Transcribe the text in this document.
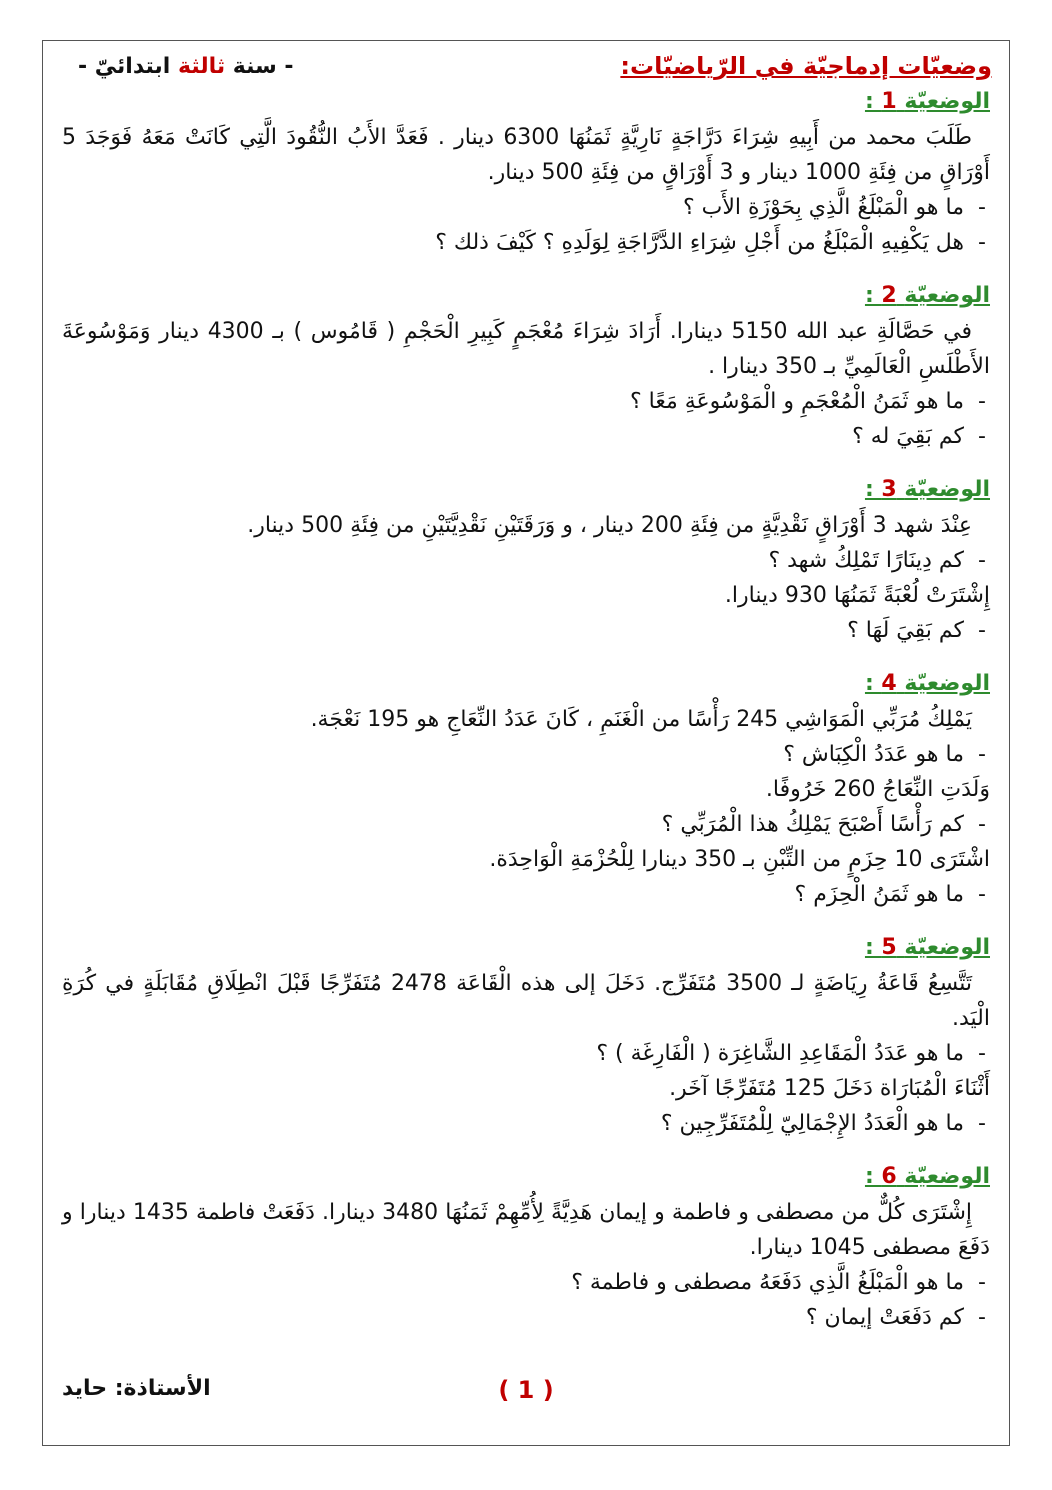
وضعيّات إدماجيّة في الرّياضيّات:
- سنة ثالثة ابتدائيّ -
الوضعيّة 1 :

طَلَبَ محمد من أَبِيهِ شِرَاءَ دَرَّاجَةٍ نَارِيَّةٍ ثَمَنُهَا 6300 دينار . فَعَدَّ الأَبُ النُّقُودَ الَّتِي كَانَتْ مَعَهُ فَوَجَدَ 5 أَوْرَاقٍ من فِئَةِ 1000 دينار و 3 أَوْرَاقٍ من فِئَةِ 500 دينار.

-
ما هو الْمَبْلَغُ الَّذِي بِحَوْزَةِ الأَب ؟
-
هل يَكْفِيهِ الْمَبْلَغُ من أَجْلِ شِرَاءِ الدَّرَّاجَةِ لِوَلَدِهِ ؟ كَيْفَ ذلك ؟
الوضعيّة 2 :

في حَصَّالَةِ عبد الله 5150 دينارا. أَرَادَ شِرَاءَ مُعْجَمٍ كَبِيرِ الْحَجْمِ ( قَامُوس ) بـ 4300 دينار وَمَوْسُوعَةَ الأَطْلَسِ الْعَالَمِيِّ بـ 350 دينارا .

-
ما هو ثَمَنُ الْمُعْجَمِ و الْمَوْسُوعَةِ مَعًا ؟
-
كم بَقِيَ له ؟
الوضعيّة 3 :

عِنْدَ شهد 3 أَوْرَاقٍ نَقْدِيَّةٍ من فِئَةِ 200 دينار ، و وَرَقَتَيْنِ نَقْدِيَّتَيْنِ من فِئَةِ 500 دينار.

-
كم دِينَارًا تَمْلِكُ شهد ؟

إِشْتَرَتْ لُعْبَةً ثَمَنُهَا 930 دينارا.

-
كم بَقِيَ لَهَا ؟
الوضعيّة 4 :

يَمْلِكُ مُرَبِّي الْمَوَاشِي 245 رَأْسًا من الْغَنَمِ ، كَانَ عَدَدُ النِّعَاجِ هو 195 نَعْجَة.

-
ما هو عَدَدُ الْكِبَاش ؟

وَلَدَتِ النِّعَاجُ 260 خَرُوفًا.

-
كم رَأْسًا أَصْبَحَ يَمْلِكُ هذا الْمُرَبِّي ؟

اشْتَرَى 10 حِزَمٍ من التِّبْنِ بـ 350 دينارا لِلْحُزْمَةِ الْوَاحِدَة.

-
ما هو ثَمَنُ الْحِزَم ؟
الوضعيّة 5 :

تَتَّسِعُ قَاعَةُ رِيَاضَةٍ لـ 3500 مُتَفَرِّج. دَخَلَ إلى هذه الْقَاعَة 2478 مُتَفَرِّجًا قَبْلَ انْطِلَاقِ مُقَابَلَةٍ في كُرَةِ الْيَد.

-
ما هو عَدَدُ الْمَقَاعِدِ الشَّاغِرَة ( الْفَارِغَة ) ؟

أَثْنَاءَ الْمُبَارَاة دَخَلَ 125 مُتَفَرِّجًا آخَر.

-
ما هو الْعَدَدُ الإِجْمَالِيّ لِلْمُتَفَرِّجِين ؟
الوضعيّة 6 :

إِشْتَرَى كُلٌّ من مصطفى و فاطمة و إيمان هَدِيَّةً لِأُمِّهِمْ ثَمَنُهَا 3480 دينارا. دَفَعَتْ فاطمة 1435 دينارا و دَفَعَ مصطفى 1045 دينارا.

-
ما هو الْمَبْلَغُ الَّذِي دَفَعَهُ مصطفى و فاطمة ؟
-
كم دَفَعَتْ إيمان ؟
الأستاذة: حايد	( 1 )
